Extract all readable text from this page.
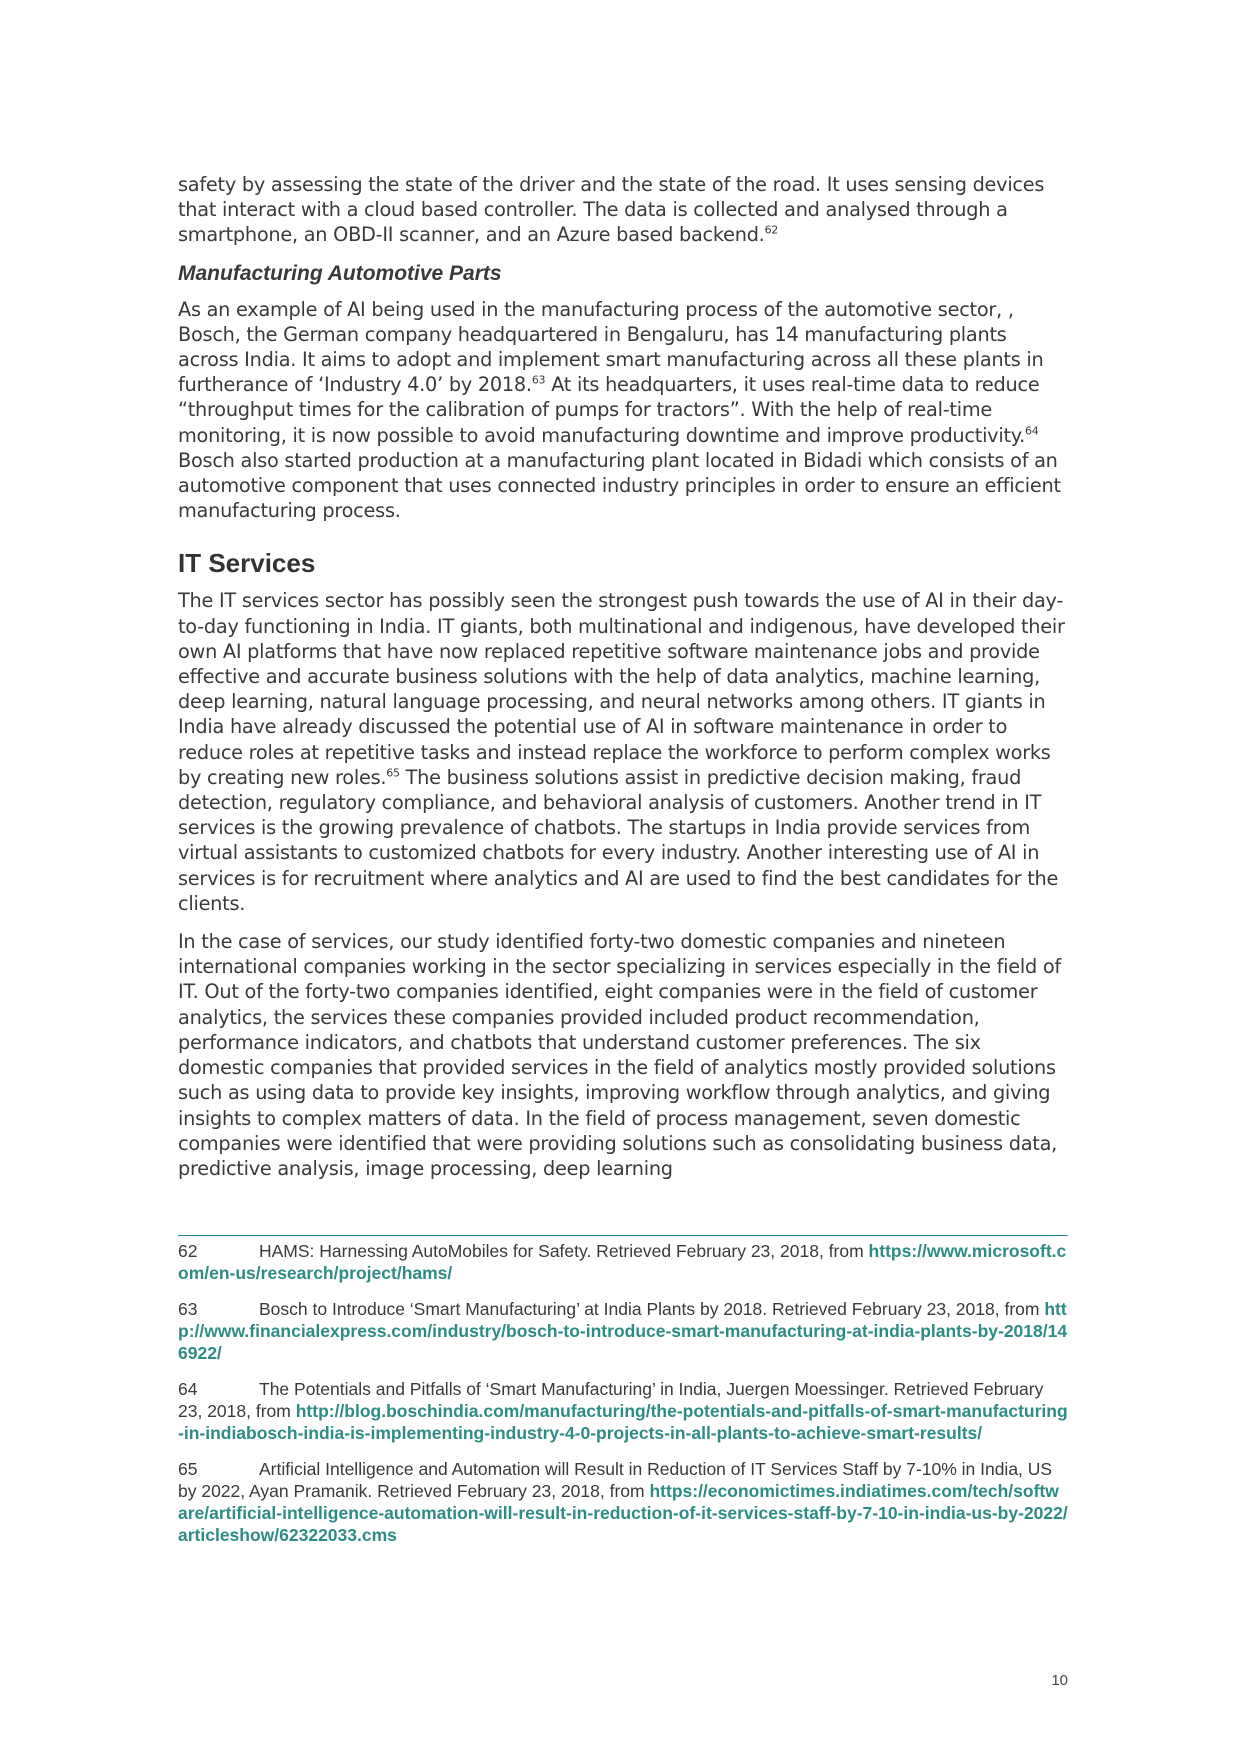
safety by assessing the state of the driver and the state of the road. It uses sensing devices that interact with a cloud based controller. The data is collected and analysed through a smartphone, an OBD-II scanner, and an Azure based backend.$^{62}$

Manufacturing Automotive Parts

As an example of AI being used in the manufacturing process of the automotive sector, , Bosch, the German company headquartered in Bengaluru, has 14 manufacturing plants across India. It aims to adopt and implement smart manufacturing across all these plants in furtherance of ‘Industry 4.0’ by 2018.63 At its headquarters, it uses real-time data to reduce “throughput times for the calibration of pumps for tractors”. With the help of real-time monitoring, it is now possible to avoid manufacturing downtime and improve productivity.$^{64}$ Bosch also started production at a manufacturing plant located in Bidadi which consists of an automotive component that uses connected industry principles in order to ensure an efficient manufacturing process.

IT Services

The IT services sector has possibly seen the strongest push towards the use of AI in their day-to-day functioning in India. IT giants, both multinational and indigenous, have developed their own AI platforms that have now replaced repetitive software maintenance jobs and provide effective and accurate business solutions with the help of data analytics, machine learning, deep learning, natural language processing, and neural networks among others. IT giants in India have already discussed the potential use of AI in software maintenance in order to reduce roles at repetitive tasks and instead replace the workforce to perform complex works by creating new roles.$^{65}$ The business solutions assist in predictive decision making, fraud detection, regulatory compliance, and behavioral analysis of customers. Another trend in IT services is the growing prevalence of chatbots. The startups in India provide services from virtual assistants to customized chatbots for every industry. Another interesting use of AI in services is for recruitment where analytics and AI are used to find the best candidates for the clients.

In the case of services, our study identified forty-two domestic companies and nineteen international companies working in the sector specializing in services especially in the field of IT. Out of the forty-two companies identified, eight companies were in the field of customer analytics, the services these companies provided included product recommendation, performance indicators, and chatbots that understand customer preferences. The six domestic companies that provided services in the field of analytics mostly provided solutions such as using data to provide key insights, improving workflow through analytics, and giving insights to complex matters of data. In the field of process management, seven domestic companies were identified that were providing solutions such as consolidating business data, predictive analysis, image processing, deep learning

62	HAMS: Harnessing AutoMobiles for Safety. Retrieved February 23, 2018, from https://www.microsoft.com/en-us/research/project/hams/

63	Bosch to Introduce ‘Smart Manufacturing’ at India Plants by 2018. Retrieved February 23, 2018, from http://www.financialexpress.com/industry/bosch-to-introduce-smart-manufacturing-at-india-plants-by-2018/146922/

64	The Potentials and Pitfalls of ‘Smart Manufacturing’ in India, Juergen Moessinger. Retrieved February 23, 2018, from http://blog.boschindia.com/manufacturing/the-potentials-and-pitfalls-of-smart-manufacturing-in-indiabosch-india-is-implementing-industry-4-0-projects-in-all-plants-to-achieve-smart-results/

65	Artificial Intelligence and Automation will Result in Reduction of IT Services Staff by 7-10% in India, US by 2022, Ayan Pramanik. Retrieved February 23, 2018, from https://economictimes.indiatimes.com/tech/software/artificial-intelligence-automation-will-result-in-reduction-of-it-services-staff-by-7-10-in-india-us-by-2022/articleshow/62322033.cms

10
